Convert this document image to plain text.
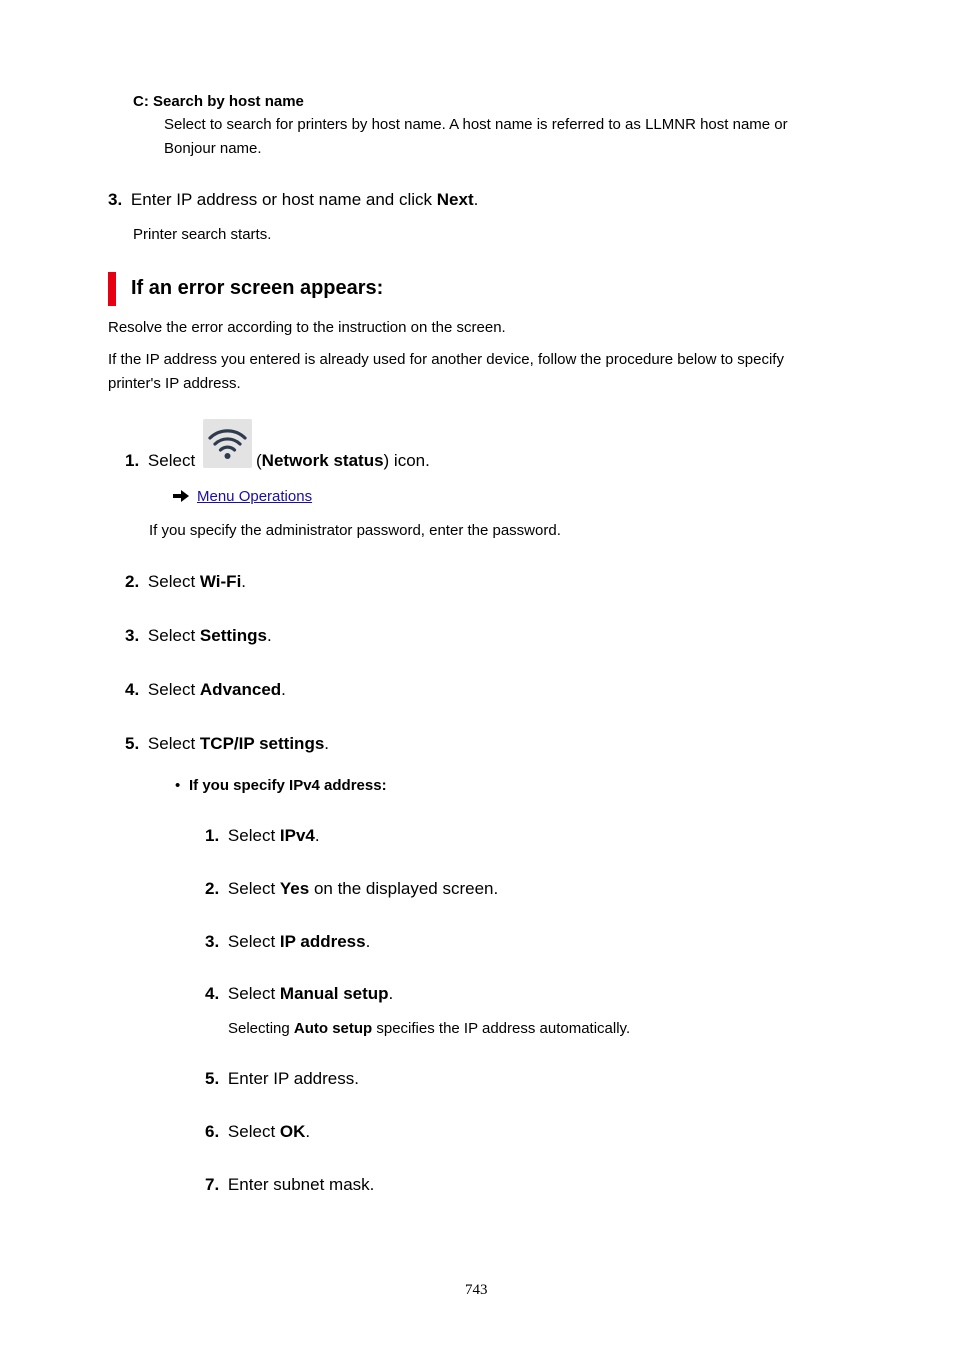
C: Search by host name
Select to search for printers by host name. A host name is referred to as LLMNR host name or
Bonjour name.
3. Enter IP address or host name and click Next.
Printer search starts.
If an error screen appears:
Resolve the error according to the instruction on the screen.
If the IP address you entered is already used for another device, follow the procedure below to specify
printer's IP address.
1. Select	(Network status) icon.
Menu Operations
If you specify the administrator password, enter the password.
2. Select Wi-Fi.
3. Select Settings.
4. Select Advanced.
5. Select TCP/IP settings.
• If you specify IPv4 address:
1. Select IPv4.
2. Select Yes on the displayed screen.
3. Select IP address.
4. Select Manual setup.
Selecting Auto setup specifies the IP address automatically.
5. Enter IP address.
6. Select OK.
7. Enter subnet mask.
743
